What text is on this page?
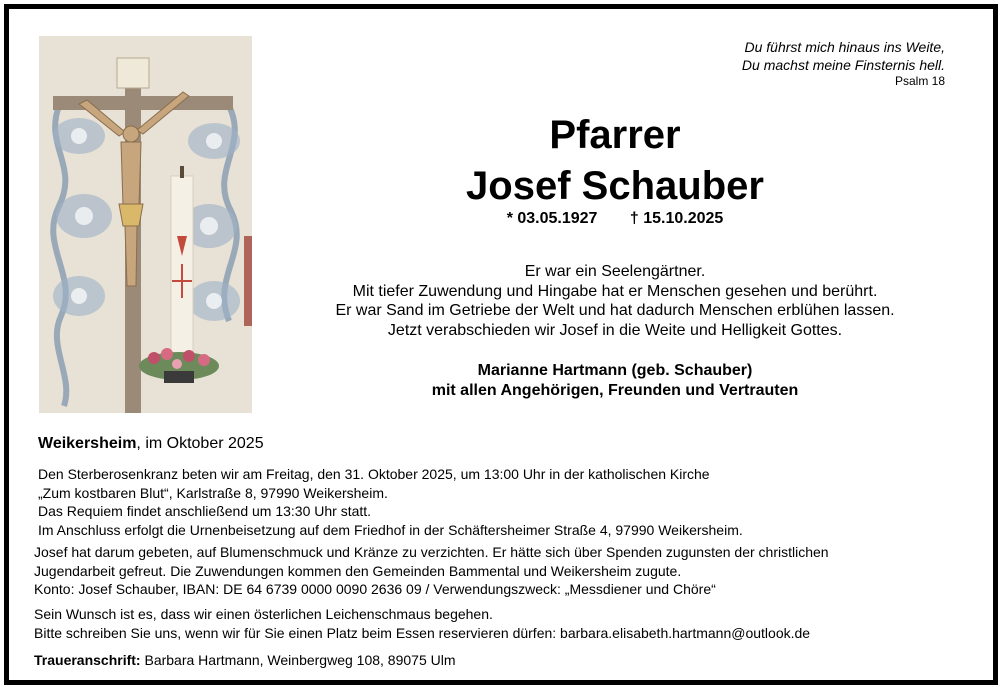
Du führst mich hinaus ins Weite,
Du machst meine Finsternis hell.
Psalm 18
Pfarrer
Josef Schauber
* 03.05.1927 † 15.10.2025
Er war ein Seelengärtner.
Mit tiefer Zuwendung und Hingabe hat er Menschen gesehen und berührt.
Er war Sand im Getriebe der Welt und hat dadurch Menschen erblühen lassen.
Jetzt verabschieden wir Josef in die Weite und Helligkeit Gottes.
Marianne Hartmann (geb. Schauber)
mit allen Angehörigen, Freunden und Vertrauten
Weikersheim, im Oktober 2025
Den Sterberosenkranz beten wir am Freitag, den 31. Oktober 2025, um 13:00 Uhr in der katholischen Kirche
„Zum kostbaren Blut“, Karlstraße 8, 97990 Weikersheim.
Das Requiem findet anschließend um 13:30 Uhr statt.
Im Anschluss erfolgt die Urnenbeisetzung auf dem Friedhof in der Schäftersheimer Straße 4, 97990 Weikersheim.
Josef hat darum gebeten, auf Blumenschmuck und Kränze zu verzichten. Er hätte sich über Spenden zugunsten der christlichen
Jugendarbeit gefreut. Die Zuwendungen kommen den Gemeinden Bammental und Weikersheim zugute.
Konto: Josef Schauber, IBAN: DE 64 6739 0000 0090 2636 09 / Verwendungszweck: „Messdiener und Chöre“
Sein Wunsch ist es, dass wir einen österlichen Leichenschmaus begehen.
Bitte schreiben Sie uns, wenn wir für Sie einen Platz beim Essen reservieren dürfen: barbara.elisabeth.hartmann@outlook.de
Traueranschrift: Barbara Hartmann, Weinbergweg 108, 89075 Ulm
